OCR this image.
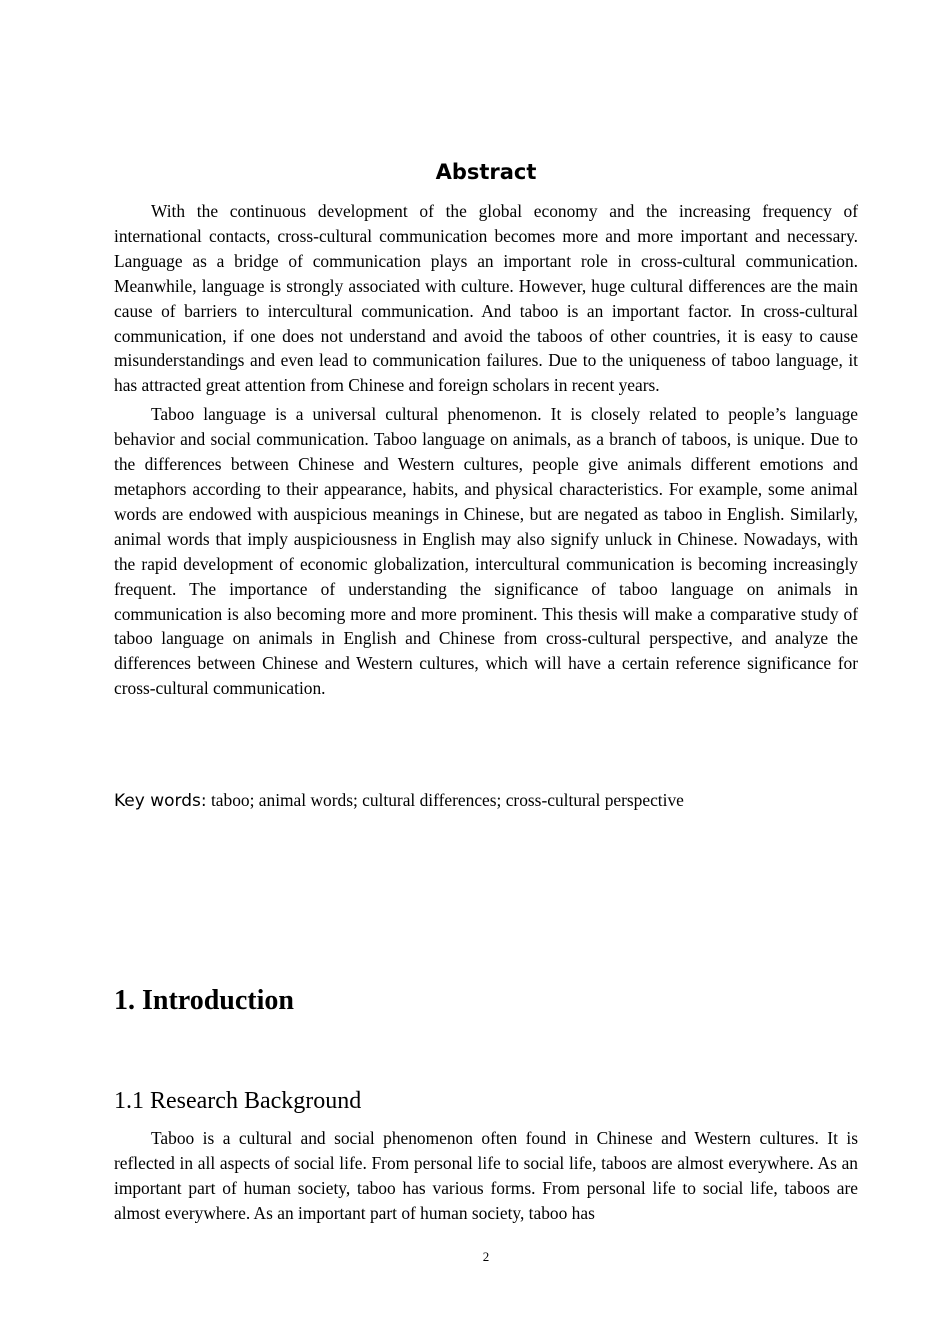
Abstract

With the continuous development of the global economy and the increasing frequency of international contacts, cross-cultural communication becomes more and more important and necessary. Language as a bridge of communication plays an important role in cross-cultural communication. Meanwhile, language is strongly associated with culture. However, huge cultural differences are the main cause of barriers to intercultural communication. And taboo is an important factor. In cross-cultural communication, if one does not understand and avoid the taboos of other countries, it is easy to cause misunderstandings and even lead to communication failures. Due to the uniqueness of taboo language, it has attracted great attention from Chinese and foreign scholars in recent years.

Taboo language is a universal cultural phenomenon. It is closely related to people’s language behavior and social communication. Taboo language on animals, as a branch of taboos, is unique. Due to the differences between Chinese and Western cultures, people give animals different emotions and metaphors according to their appearance, habits, and physical characteristics. For example, some animal words are endowed with auspicious meanings in Chinese, but are negated as taboo in English. Similarly, animal words that imply auspiciousness in English may also signify unluck in Chinese. Nowadays, with the rapid development of economic globalization, intercultural communication is becoming increasingly frequent. The importance of understanding the significance of taboo language on animals in communication is also becoming more and more prominent. This thesis will make a comparative study of taboo language on animals in English and Chinese from cross-cultural perspective, and analyze the differences between Chinese and Western cultures, which will have a certain reference significance for cross-cultural communication.

Key words: taboo; animal words; cultural differences; cross-cultural perspective

1. Introduction
1.1 Research Background

Taboo is a cultural and social phenomenon often found in Chinese and Western cultures. It is reflected in all aspects of social life. From personal life to social life, taboos are almost everywhere. As an important part of human society, taboo has various forms. From personal life to social life, taboos are almost everywhere. As an important part of human society, taboo has

2
